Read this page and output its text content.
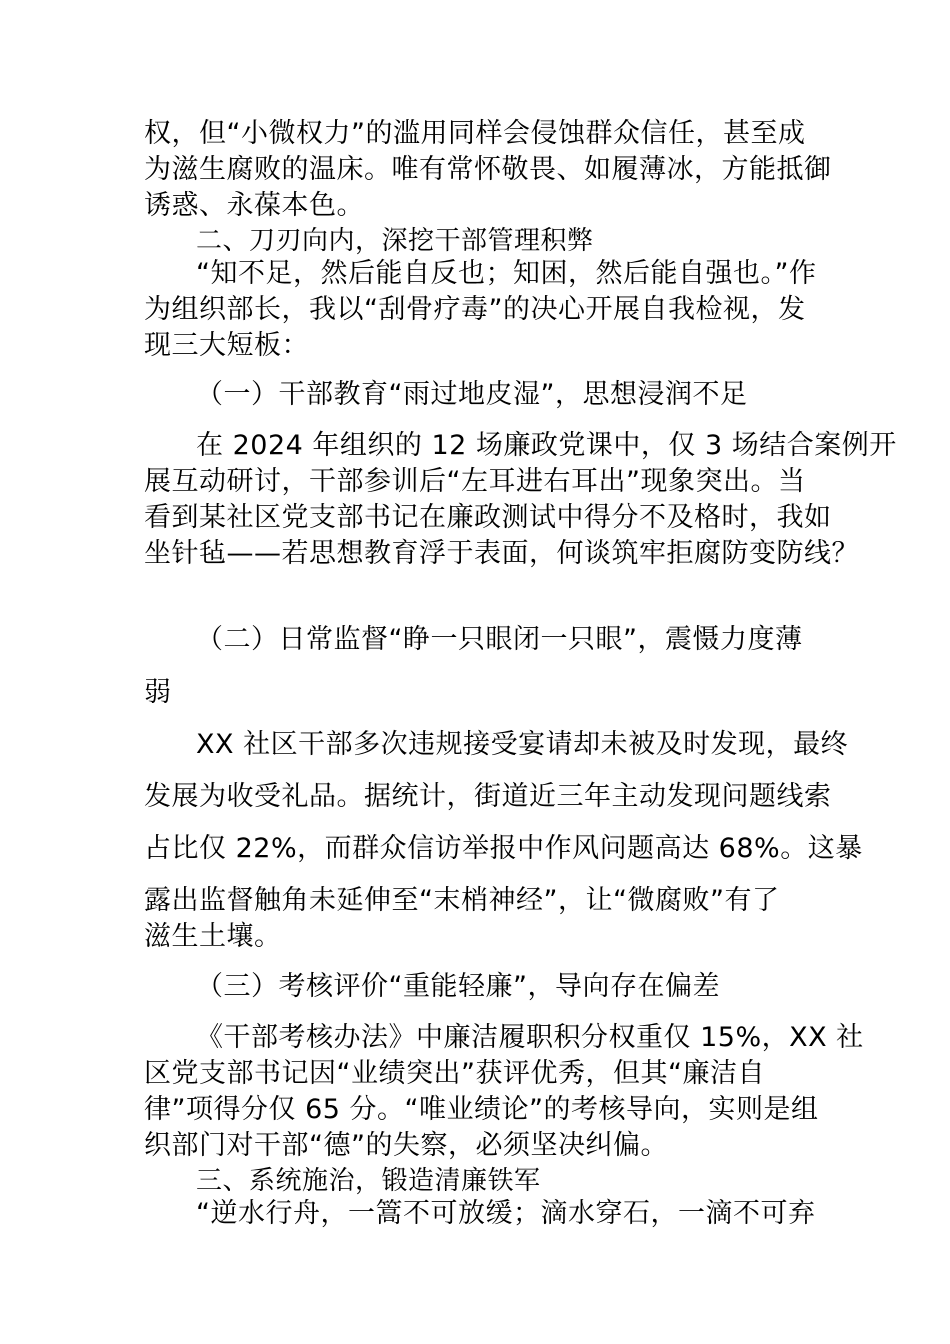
权，但“小微权力”的滥用同样会侵蚀群众信任，甚至成
为滋生腐败的温床。唯有常怀敬畏、如履薄冰，方能抵御
诱惑、永葆本色。
二、刀刃向内，深挖干部管理积弊
“知不足，然后能自反也；知困，然后能自强也。”作
为组织部长，我以“刮骨疗毒”的决心开展自我检视，发
现三大短板：
（一）干部教育“雨过地皮湿”，思想浸润不足
在 2024 年组织的 12 场廉政党课中，仅 3 场结合案例开
展互动研讨，干部参训后“左耳进右耳出”现象突出。当
看到某社区党支部书记在廉政测试中得分不及格时，我如
坐针毡——若思想教育浮于表面，何谈筑牢拒腐防变防线？
（二）日常监督“睁一只眼闭一只眼”，震慑力度薄
弱
XX 社区干部多次违规接受宴请却未被及时发现，最终
发展为收受礼品。据统计，街道近三年主动发现问题线索
占比仅 22%，而群众信访举报中作风问题高达 68%。这暴
露出监督触角未延伸至“末梢神经”，让“微腐败”有了
滋生土壤。
（三）考核评价“重能轻廉”，导向存在偏差
《干部考核办法》中廉洁履职积分权重仅 15%，XX 社
区党支部书记因“业绩突出”获评优秀，但其“廉洁自
律”项得分仅 65 分。“唯业绩论”的考核导向，实则是组
织部门对干部“德”的失察，必须坚决纠偏。
三、系统施治，锻造清廉铁军
“逆水行舟，一篙不可放缓；滴水穿石，一滴不可弃
